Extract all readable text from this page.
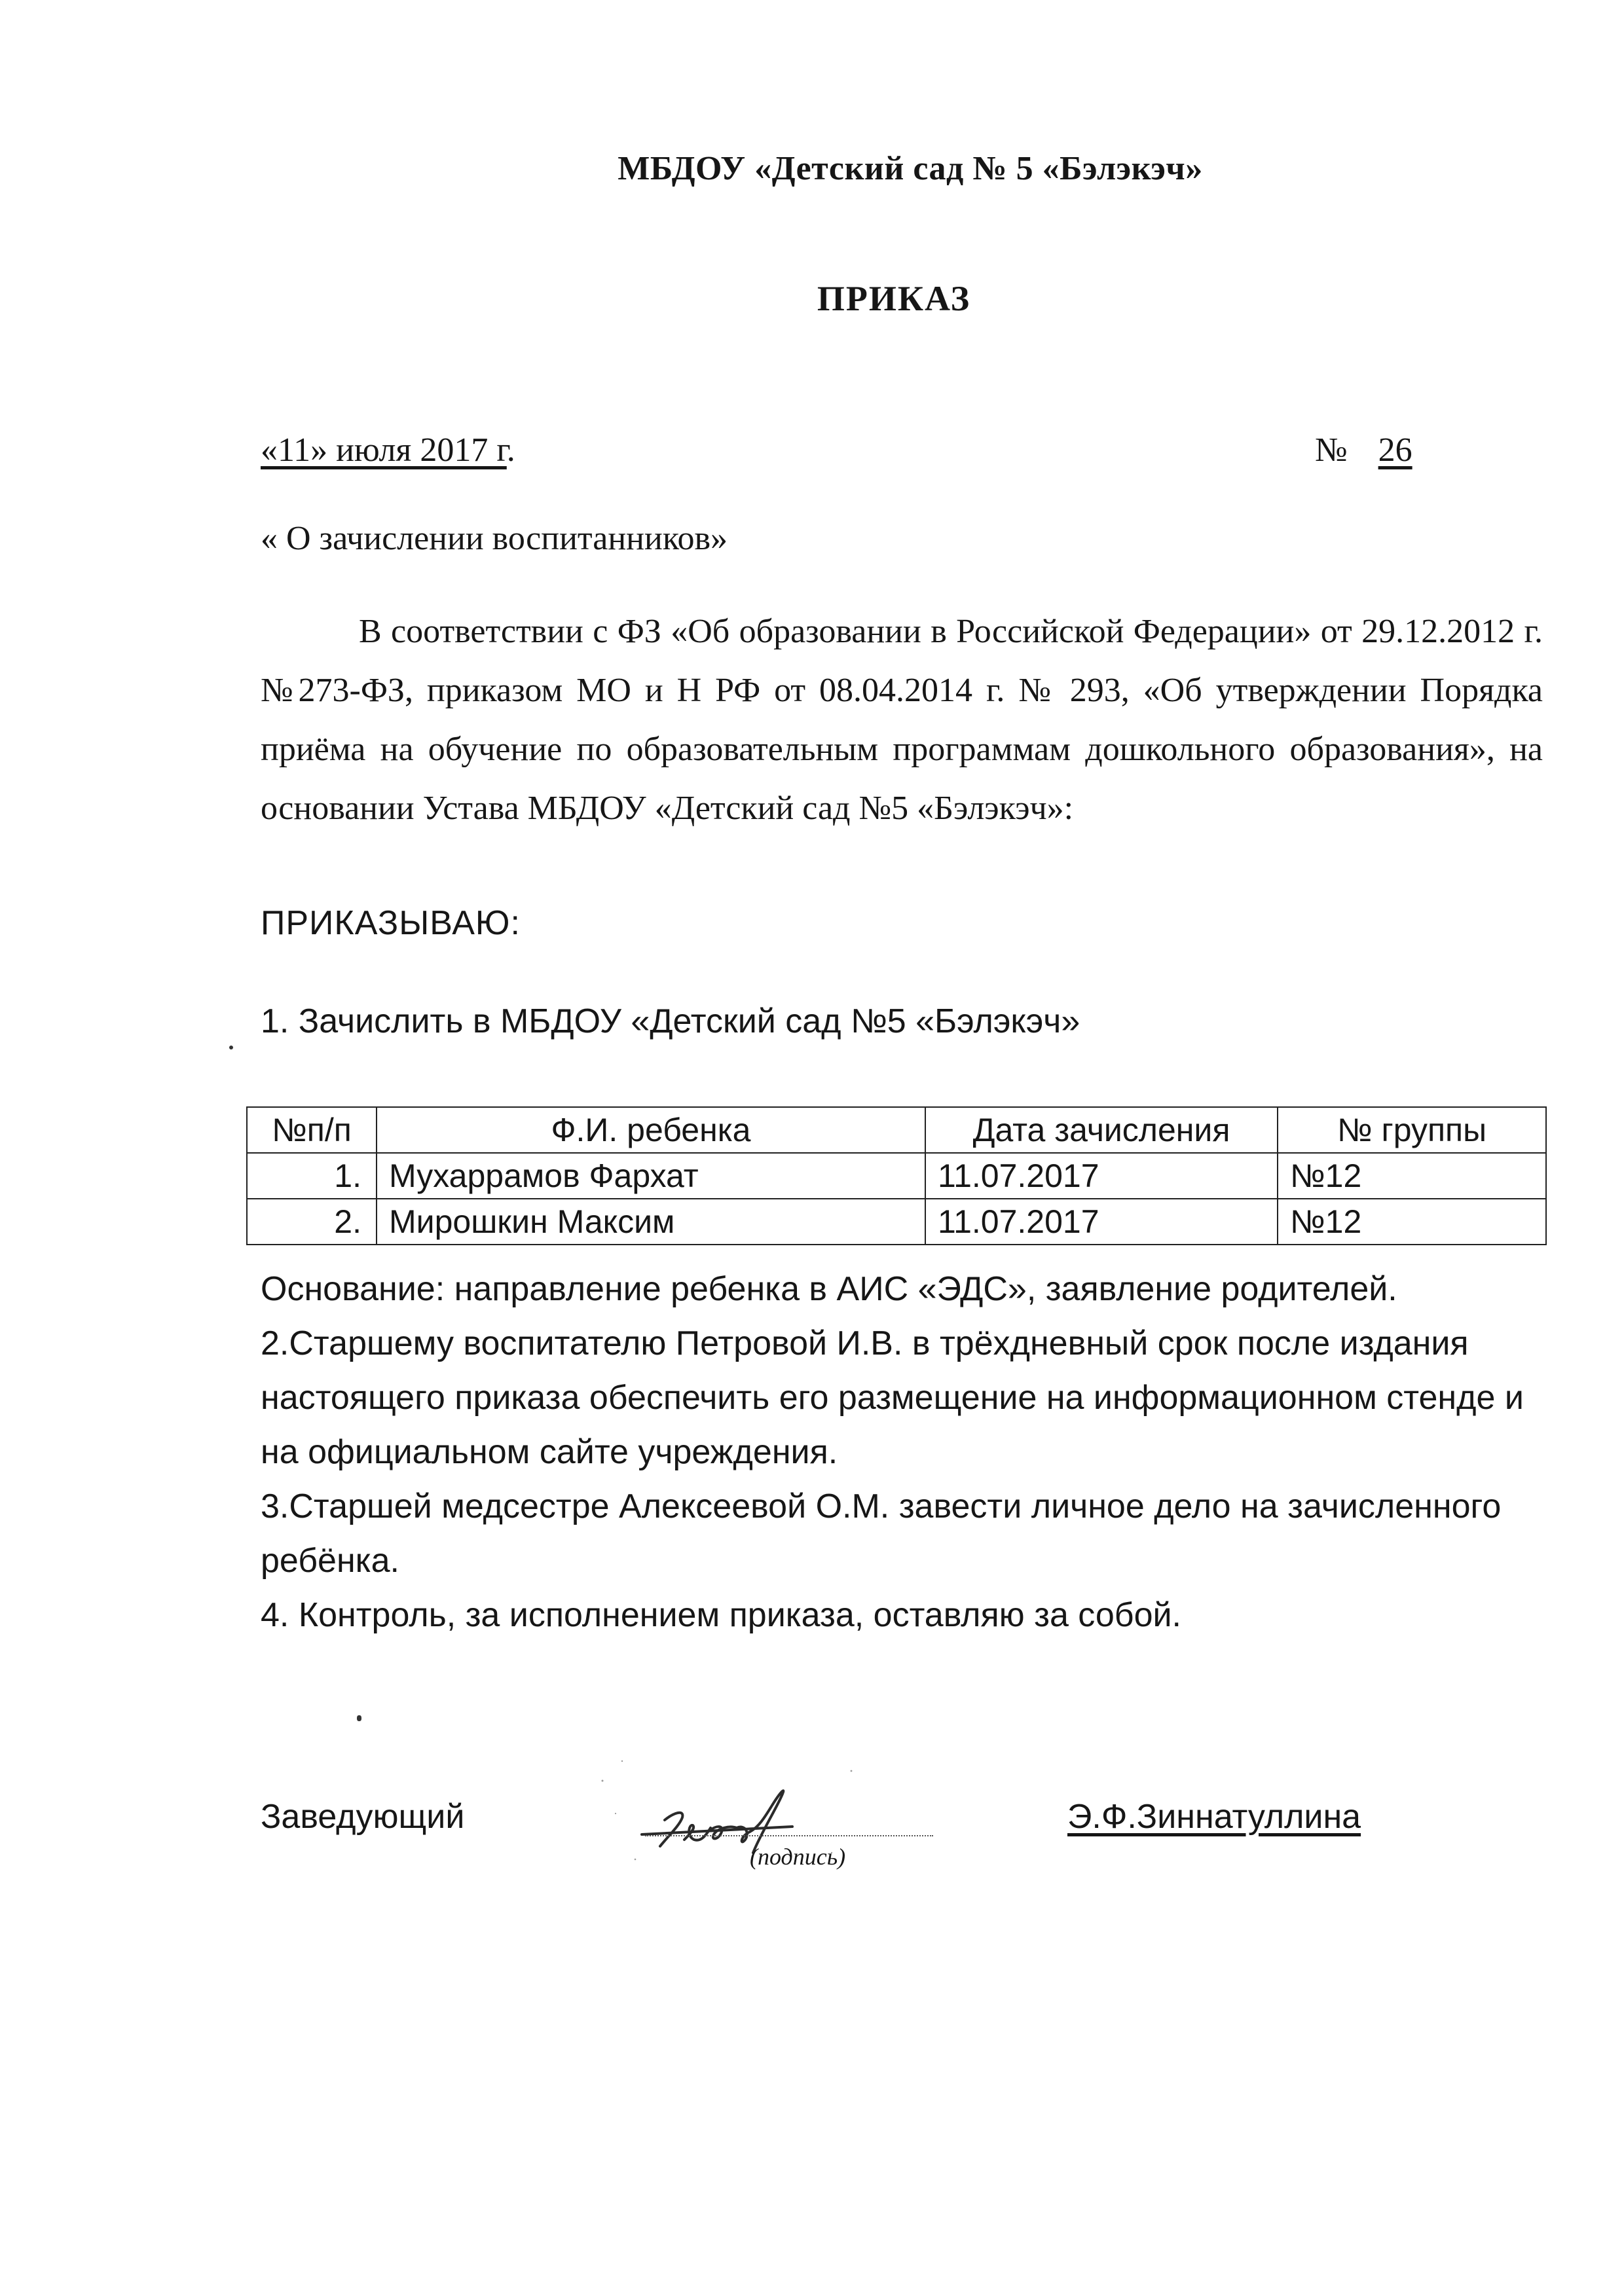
МБДОУ «Детский сад № 5 «Бэлэкэч»
ПРИКАЗ
«11» июля 2017 г.	№ 26
« О зачислении воспитанников»
В соответствии с ФЗ «Об образовании в Российской Федерации» от 29.12.2012 г. №273-ФЗ, приказом МО и Н РФ от 08.04.2014 г. № 293, «Об утверждении Порядка приёма на обучение по образовательным программам дошкольного образования», на основании Устава МБДОУ «Детский сад №5 «Бэлэкэч»:
ПРИКАЗЫВАЮ:
1. Зачислить в МБДОУ «Детский сад №5 «Бэлэкэч»
№п/п	Ф.И. ребенка	Дата зачисления	№ группы
1.	Мухаррамов Фархат	11.07.2017	№12
2.	Мирошкин Максим	11.07.2017	№12

Основание: направление ребенка в АИС «ЭДС», заявление родителей.

2.Старшему воспитателю Петровой И.В. в трёхдневный срок после издания настоящего приказа обеспечить его размещение на информационном стенде и на официальном сайте учреждения.

3.Старшей медсестре Алексеевой О.М. завести личное дело на зачисленного ребёнка.

4. Контроль, за исполнением приказа, оставляю за собой.

Заведующий
(подпись)
Э.Ф.Зиннатуллина
